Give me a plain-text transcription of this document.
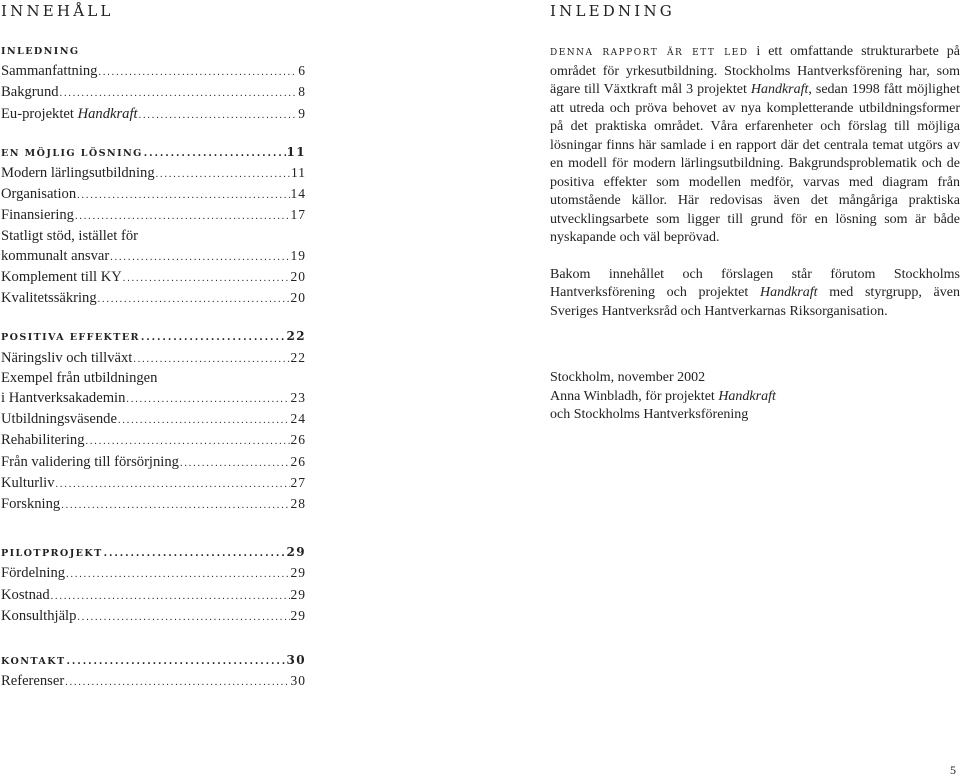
INNEHÅLL	INLEDNING
INLEDNING
Sammanfattning .....	6
Bakgrund .....	8
Eu-projektet Handkraft .....	9
EN MÖJLIG LÖSNING .....	11
Modern lärlingsutbildning .....	11
Organisation .....	14
Finansiering .....	17
Statligt stöd, istället för
kommunalt ansvar .....	19
Komplement till KY .....	20
Kvalitetssäkring .....	20
POSITIVA EFFEKTER .....	22
Näringsliv och tillväxt .....	22
Exempel från utbildningen
i Hantverksakademin .....	23
Utbildningsväsende .....	24
Rehabilitering .....	26
Från validering till försörjning .....	26
Kulturliv .....	27
Forskning .....	28
PILOTPROJEKT .....	29
Fördelning .....	29
Kostnad .....	29
Konsulthjälp .....	29
KONTAKT .....	30
Referenser .....	30

DENNA RAPPORT ÄR ETT LED i ett omfattande strukturarbete på området för yrkesutbildning. Stockholms Hantverksförening har, som ägare till Växtkraft mål 3 projektet Handkraft, sedan 1998 fått möjlighet att utreda och pröva behovet av nya kompletterande utbildningsformer på det praktiska området. Våra erfarenheter och förslag till möjliga lösningar finns här samlade i en rapport där det centrala temat utgörs av en modell för modern lärlingsutbildning. Bakgrundsproblematik och de positiva effekter som modellen medför, varvas med diagram från utomstående källor. Här redovisas även det mångåriga praktiska utvecklingsarbete som ligger till grund för en lösning som är både nyskapande och väl beprövad.

Bakom innehållet och förslagen står förutom Stockholms Hantverksförening och projektet Handkraft med styrgrupp, även Sveriges Hantverksråd och Hantverkarnas Riksorganisation.

Stockholm, november 2002
Anna Winbladh, för projektet Handkraft
och Stockholms Hantverksförening
5
